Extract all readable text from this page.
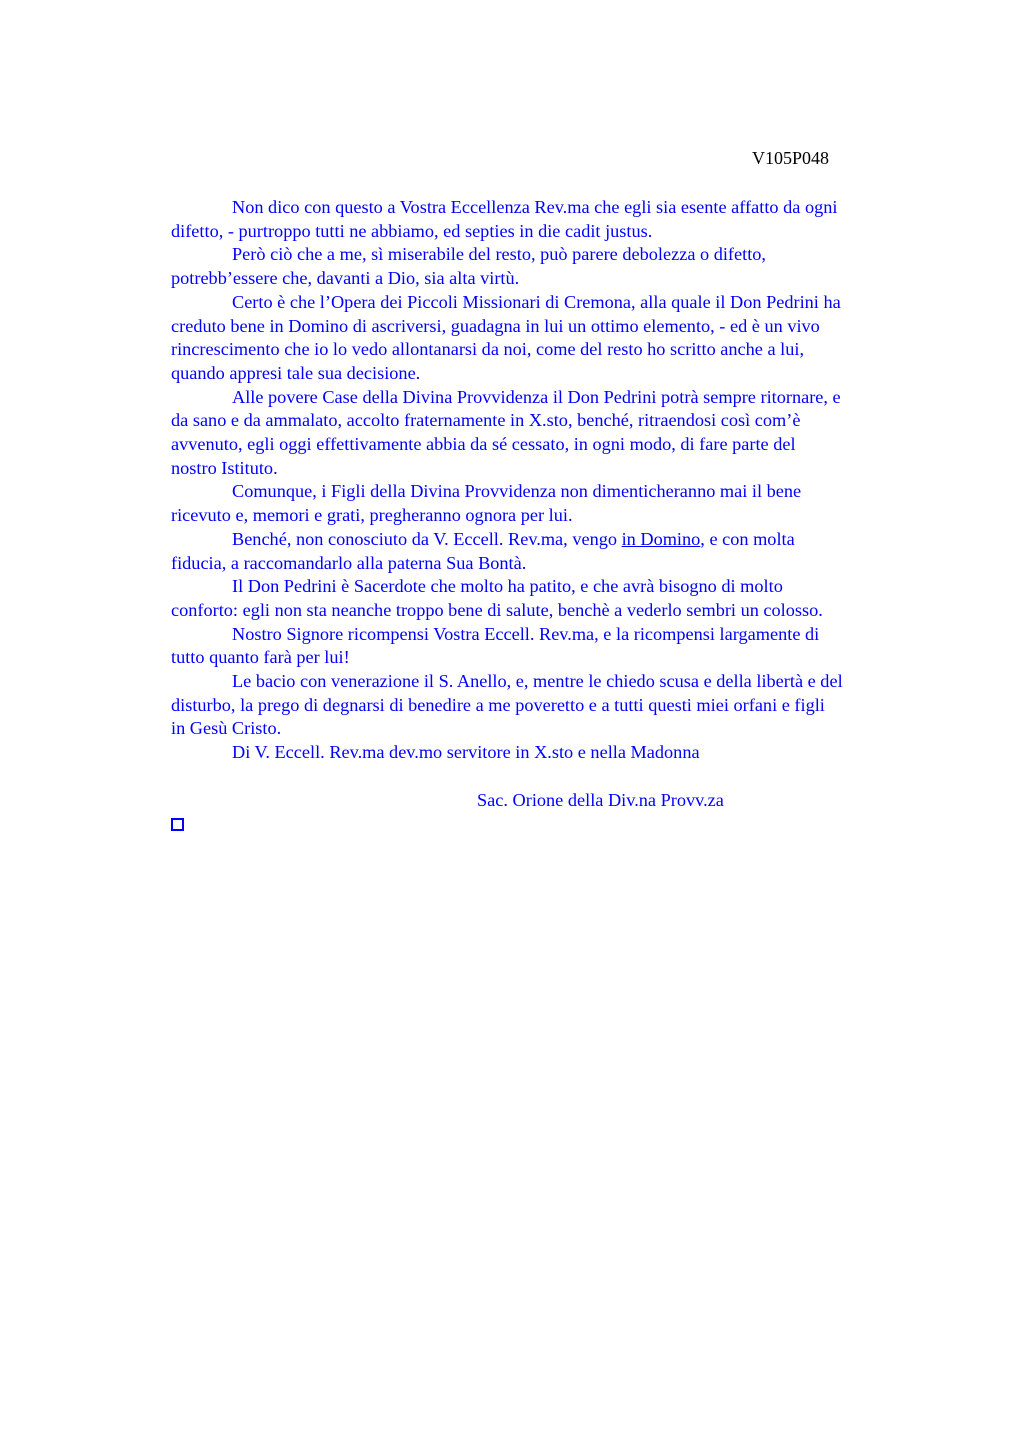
V105P048

Non dico con questo a Vostra Eccellenza Rev.ma che egli sia esente affatto da ogni
difetto, - purtroppo tutti ne abbiamo, ed septies in die cadit justus.

Però ciò che a me, sì miserabile del resto, può parere debolezza o difetto,
potrebb’essere che, davanti a Dio, sia alta virtù.

Certo è che l’Opera dei Piccoli Missionari di Cremona, alla quale il Don Pedrini ha
creduto bene in Domino di ascriversi, guadagna in lui un ottimo elemento, - ed è un vivo
rincrescimento che io lo vedo allontanarsi da noi, come del resto ho scritto anche a lui,
quando appresi tale sua decisione.

Alle povere Case della Divina Provvidenza il Don Pedrini potrà sempre ritornare, e
da sano e da ammalato, accolto fraternamente in X.sto, benché, ritraendosi così com’è
avvenuto, egli oggi effettivamente abbia da sé cessato, in ogni modo, di fare parte del
nostro Istituto.

Comunque, i Figli della Divina Provvidenza non dimenticheranno mai il bene
ricevuto e, memori e grati, pregheranno ognora per lui.

Benché, non conosciuto da V. Eccell. Rev.ma, vengo in Domino, e con molta
fiducia, a raccomandarlo alla paterna Sua Bontà.

Il Don Pedrini è Sacerdote che molto ha patito, e che avrà bisogno di molto
conforto: egli non sta neanche troppo bene di salute, benchè a vederlo sembri un colosso.

Nostro Signore ricompensi Vostra Eccell. Rev.ma, e la ricompensi largamente di
tutto quanto farà per lui!

Le bacio con venerazione il S. Anello, e, mentre le chiedo scusa e della libertà e del
disturbo, la prego di degnarsi di benedire a me poveretto e a tutti questi miei orfani e figli
in Gesù Cristo.

Di V. Eccell. Rev.ma dev.mo servitore in X.sto e nella Madonna

Sac. Orione della Div.na Provv.za
